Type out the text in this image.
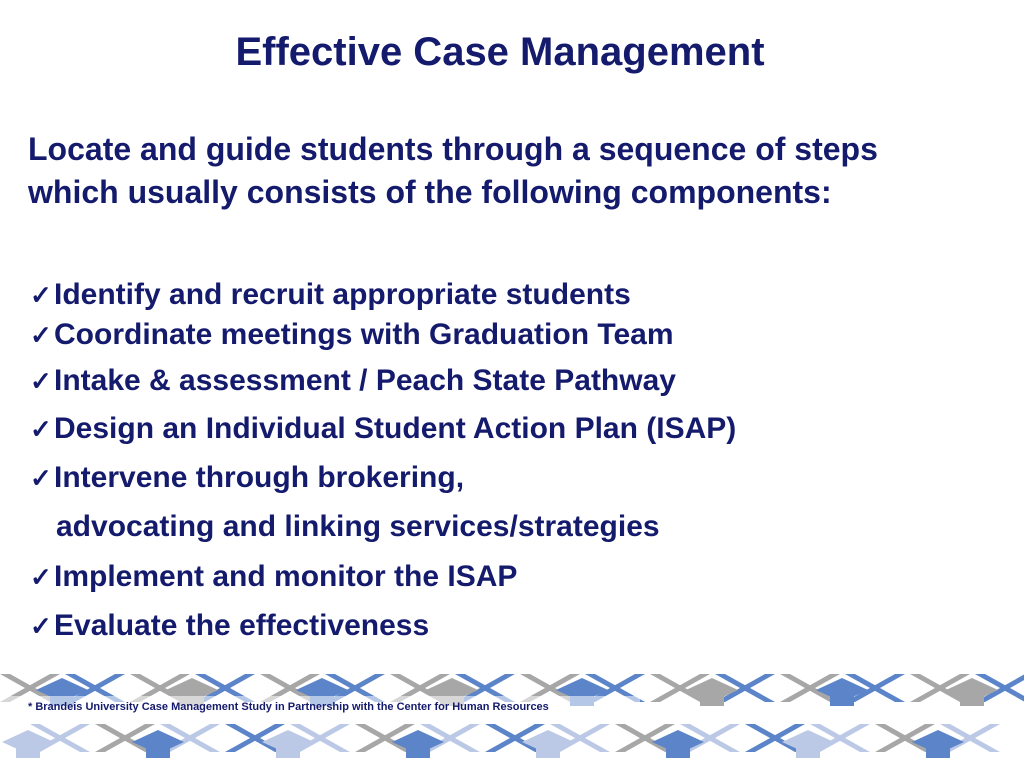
Effective Case Management
Locate and guide students through a sequence of steps
which usually consists of the following components:
✓Identify and recruit appropriate students
✓Coordinate meetings with Graduation Team
✓Intake & assessment / Peach State Pathway
✓Design an Individual Student Action Plan (ISAP)
✓Intervene through brokering,
advocating and linking services/strategies
✓Implement and monitor the ISAP
✓Evaluate the effectiveness
* Brandeis University Case Management Study in Partnership with the Center for Human Resources
